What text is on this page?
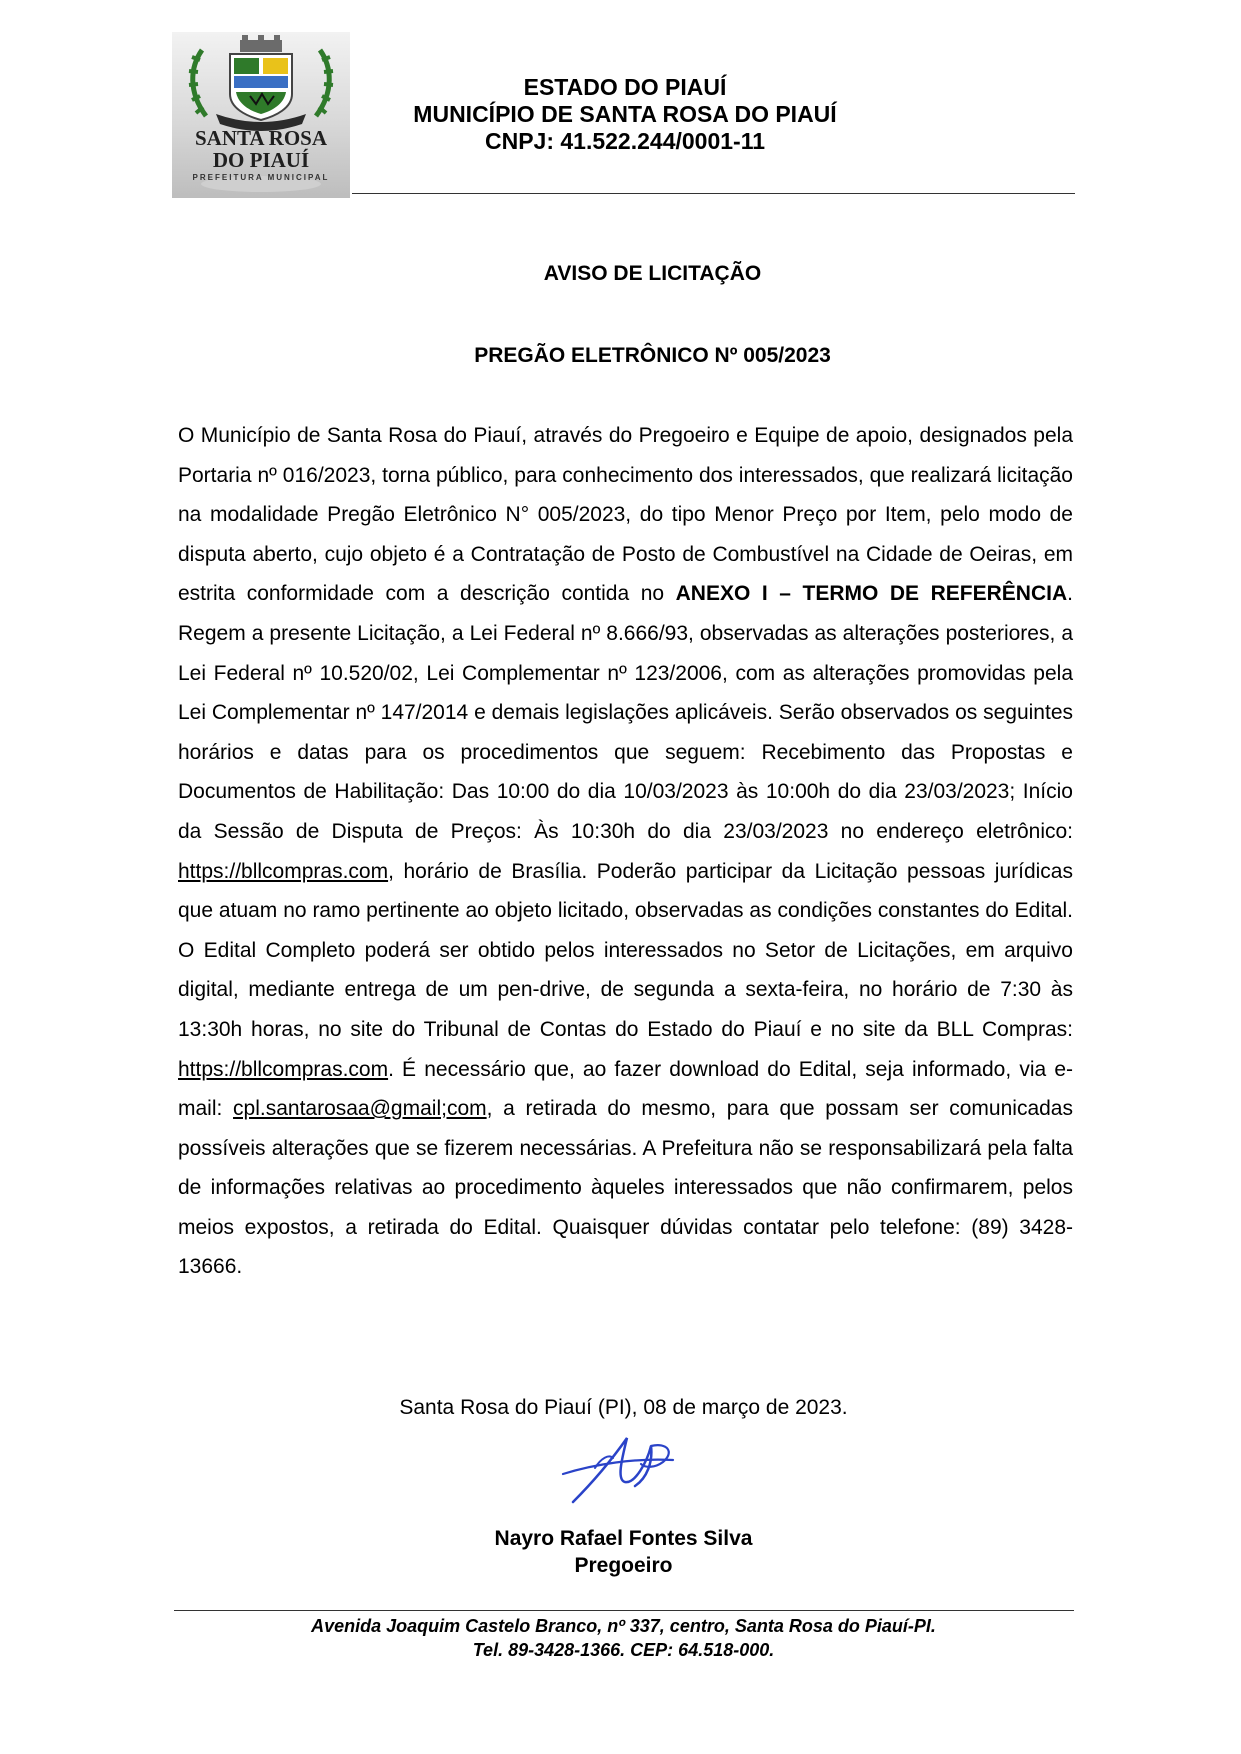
SANTA ROSA
DO PIAUÍ
PREFEITURA MUNICIPAL
ESTADO DO PIAUÍ
MUNICÍPIO DE SANTA ROSA DO PIAUÍ
CNPJ: 41.522.244/0001-11
AVISO DE LICITAÇÃO
PREGÃO ELETRÔNICO Nº 005/2023
O Município de Santa Rosa do Piauí, através do Pregoeiro e Equipe de apoio, designados pela Portaria nº 016/2023, torna público, para conhecimento dos interessados, que realizará licitação na modalidade Pregão Eletrônico N° 005/2023, do tipo Menor Preço por Item, pelo modo de disputa aberto, cujo objeto é a Contratação de Posto de Combustível na Cidade de Oeiras, em estrita conformidade com a descrição contida no ANEXO I – TERMO DE REFERÊNCIA. Regem a presente Licitação, a Lei Federal nº 8.666/93, observadas as alterações posteriores, a Lei Federal nº 10.520/02, Lei Complementar nº 123/2006, com as alterações promovidas pela Lei Complementar nº 147/2014 e demais legislações aplicáveis. Serão observados os seguintes horários e datas para os procedimentos que seguem: Recebimento das Propostas e Documentos de Habilitação: Das 10:00 do dia 10/03/2023 às 10:00h do dia 23/03/2023; Início da Sessão de Disputa de Preços: Às 10:30h do dia 23/03/2023 no endereço eletrônico: https://bllcompras.com, horário de Brasília. Poderão participar da Licitação pessoas jurídicas que atuam no ramo pertinente ao objeto licitado, observadas as condições constantes do Edital. O Edital Completo poderá ser obtido pelos interessados no Setor de Licitações, em arquivo digital, mediante entrega de um pen-drive, de segunda a sexta-feira, no horário de 7:30 às 13:30h horas, no site do Tribunal de Contas do Estado do Piauí e no site da BLL Compras: https://bllcompras.com. É necessário que, ao fazer download do Edital, seja informado, via e-mail: cpl.santarosaa@gmail;com, a retirada do mesmo, para que possam ser comunicadas possíveis alterações que se fizerem necessárias. A Prefeitura não se responsabilizará pela falta de informações relativas ao procedimento àqueles interessados que não confirmarem, pelos meios expostos, a retirada do Edital. Quaisquer dúvidas contatar pelo telefone: (89) 3428-13666.
Santa Rosa do Piauí (PI), 08 de março de 2023.
Nayro Rafael Fontes Silva
Pregoeiro
Avenida Joaquim Castelo Branco, nº 337, centro, Santa Rosa do Piauí-PI.
Tel. 89-3428-1366. CEP: 64.518-000.
